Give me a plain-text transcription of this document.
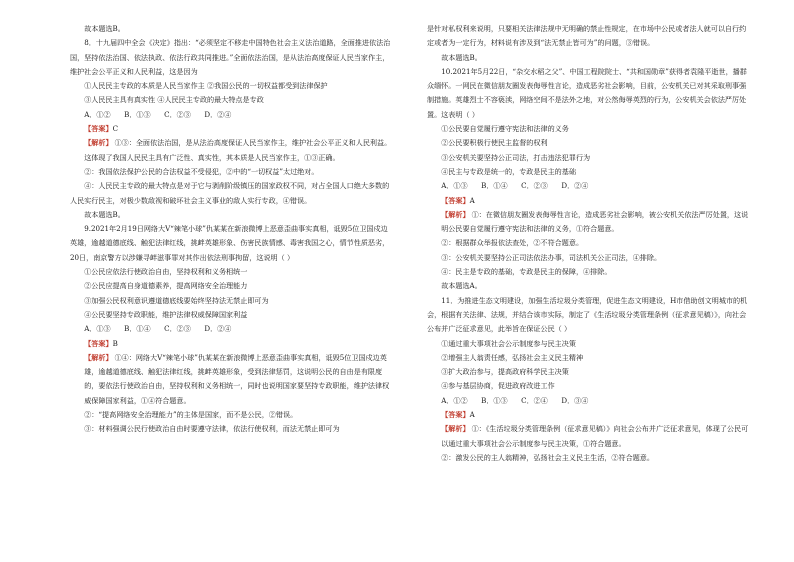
故本题选B。

8．十九届四中全会《决定》指出：“必须坚定不移走中国特色社会主义法治道路，全面推进依法治国，坚持依法治国、依法执政、依法行政共同推进。”全面依法治国，是从法治高度保证人民当家作主，维护社会公平正义和人民利益，这是因为

①人民民主专政的本质是人民当家作主 ②我国公民的一切权益都受到法律保护

③人民民主具有真实性 ④人民民主专政的最大特点是专政

A．①②      B．①③      C．②③      D．②④

【答案】C

【解析】 ①③：全面依法治国，是从法治高度保证人民当家作主，维护社会公平正义和人民利益。这体现了我国人民民主具有广泛性、真实性，其本质是人民当家作主，①③正确。

②：我国依法保护公民的合法权益不受侵犯，②中的“一切权益”太过绝对。

④：人民民主专政的最大特点是对于它与剥削阶级镇压的国家政权不同，对占全国人口绝大多数的人民实行民主，对极少数敌视和破坏社会主义事业的敌人实行专政，④错误。

故本题选B。

9.2021年2月19日网络大V“辣笔小球”仇某某在新浪微博上恶意歪曲事实真相，诋毁5位卫国戍边英雄，逾越道德底线、触犯法律红线，挑衅英雄形象、伤害民族情感、毒害我国之心，情节性质恶劣，20日，南京警方以涉嫌寻衅滋事罪对其作出依法刑事拘留，这说明（ ）

①公民应依法行使政治自由，坚持权利和义务相统一

②公民应提高自身道德素养，提高网络安全治理能力

③加强公民权利意识遵道德底线要始终坚持法无禁止即可为

④公民要坚持专政职能，维护法律权威保障国家利益

A．①③      B．①④      C．②③      D．②④

【答案】B

【解析】 ①④：网络大V“辣笔小球”仇某某在新浪微博上恶意歪曲事实真相，诋毁5位卫国戍边英雄，逾越道德底线、触犯法律红线，挑衅英雄形象，受到法律惩罚，这说明公民的自由是有限度的，要依法行使政治自由，坚持权利和义务相统一，同时也说明国家要坚持专政职能，维护法律权威保障国家利益，①④符合题意。

②：“提高网络安全治理能力”的主体是国家，而不是公民，②错误。

③：材料强调公民行使政治自由时要遵守法律，依法行使权利，而法无禁止即可为

是针对私权利来说明，只要相关法律法规中无明确的禁止性规定，在市场中公民或者法人就可以自行约定或者为一定行为，材料说有涉及到“法无禁止皆可为”的问题，③错误。

故本题选B。

10.2021年5月22日，“杂交水稻之父”、中国工程院院士、“共和国勋章”获得者袁隆平逝世，播群众缅怀。一网民在微信朋友圈发表侮辱性言论，造成恶劣社会影响，目前，公安机关已对其采取刑事强制措施。英雄烈士不容亵渎，网络空间不是法外之地，对公然侮辱英烈的行为，公安机关会依法严厉处置。这表明（ ）

①公民要自觉履行遵守宪法和法律的义务

②公民要积极行使民主监督的权利

③公安机关要坚持公正司法，打击违法犯罪行为

④民主与专政是统一的，专政是民主的基础

A．①③      B．①④      C．②③      D．②④

【答案】A

【解析】 ①：在微信朋友圈发表侮辱性言论，造成恶劣社会影响，被公安机关依法严厉处置，这说明公民要自觉履行遵守宪法和法律的义务，①符合题意。

②：根据群众举报依法查处，②不符合题意。

③：公安机关要坚持公正司法依法办事，司法机关公正司法，④排除。

④：民主是专政的基础，专政是民主的保障，④排除。

故本题选A。

11．为推进生态文明建设，加强生活垃圾分类管理，促进生态文明建设，H市借助创文明城市的机会，根据有关法律、法规，并结合该市实际，制定了《生活垃圾分类管理条例（征求意见稿）》，向社会公布并广泛征求意见，此举旨在保证公民（ ）

①通过重大事项社会公示制度参与民主决策

②增强主人翁责任感，弘扬社会主义民主精神

③扩大政治参与，提高政府科学民主决策

④参与基层协商，促进政府改进工作

A．①②      B．①③      C．②④      D．③④

【答案】A

【解析】 ①：《生活垃圾分类管理条例（征求意见稿）》向社会公布并广泛征求意见，体现了公民可以通过重大事项社会公示制度参与民主决策，①符合题意。

②：激发公民的主人翁精神，弘扬社会主义民主生活，②符合题意。
